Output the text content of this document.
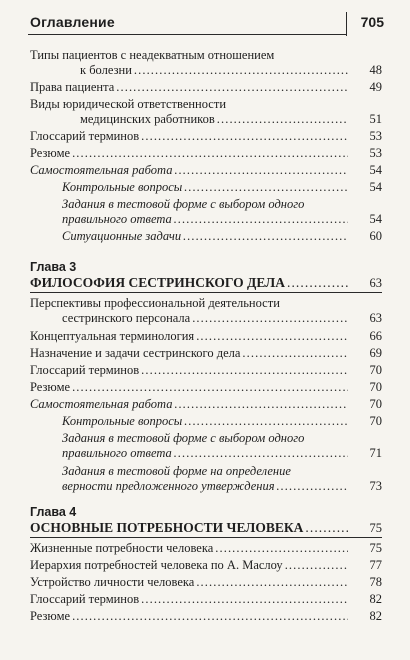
Оглавление	705
Типы пациентов с неадекватным отношением
к болезни .....	48
Права пациента .....	49
Виды юридической ответственности
медицинских работников .....	51
Глоссарий терминов .....	53
Резюме .....	53
Самостоятельная работа .....	54
Контрольные вопросы .....	54
Задания в тестовой форме с выбором одного
правильного ответа .....	54
Ситуационные задачи .....	60
Глава 3
ФИЛОСОФИЯ СЕСТРИНСКОГО ДЕЛА .....	63
Перспективы профессиональной деятельности
сестринского персонала .....	63
Концептуальная терминология .....	66
Назначение и задачи сестринского дела .....	69
Глоссарий терминов .....	70
Резюме .....	70
Самостоятельная работа .....	70
Контрольные вопросы .....	70
Задания в тестовой форме с выбором одного
правильного ответа .....	71
Задания в тестовой форме на определение
верности предложенного утверждения .....	73
Глава 4
ОСНОВНЫЕ ПОТРЕБНОСТИ ЧЕЛОВЕКА .....	75
Жизненные потребности человека .....	75
Иерархия потребностей человека по А. Маслоу .....	77
Устройство личности человека .....	78
Глоссарий терминов .....	82
Резюме .....	82
